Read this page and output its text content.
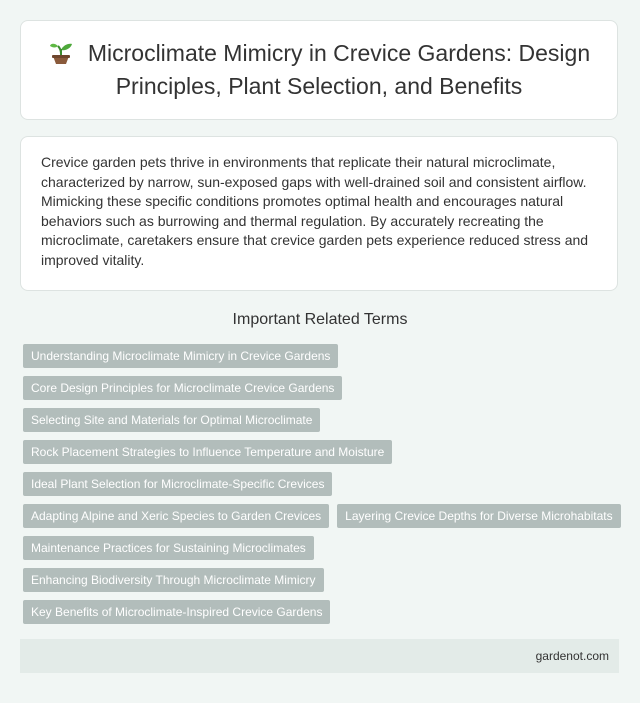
Microclimate Mimicry in Crevice Gardens: Design Principles, Plant Selection, and Benefits

Crevice garden pets thrive in environments that replicate their natural microclimate, characterized by narrow, sun-exposed gaps with well-drained soil and consistent airflow. Mimicking these specific conditions promotes optimal health and encourages natural behaviors such as burrowing and thermal regulation. By accurately recreating the microclimate, caretakers ensure that crevice garden pets experience reduced stress and improved vitality.

Important Related Terms
Understanding Microclimate Mimicry in Crevice Gardens
Core Design Principles for Microclimate Crevice Gardens
Selecting Site and Materials for Optimal Microclimate
Rock Placement Strategies to Influence Temperature and Moisture
Ideal Plant Selection for Microclimate-Specific Crevices
Adapting Alpine and Xeric Species to Garden Crevices	Layering Crevice Depths for Diverse Microhabitats
Maintenance Practices for Sustaining Microclimates
Enhancing Biodiversity Through Microclimate Mimicry
Key Benefits of Microclimate-Inspired Crevice Gardens
gardenot.com
